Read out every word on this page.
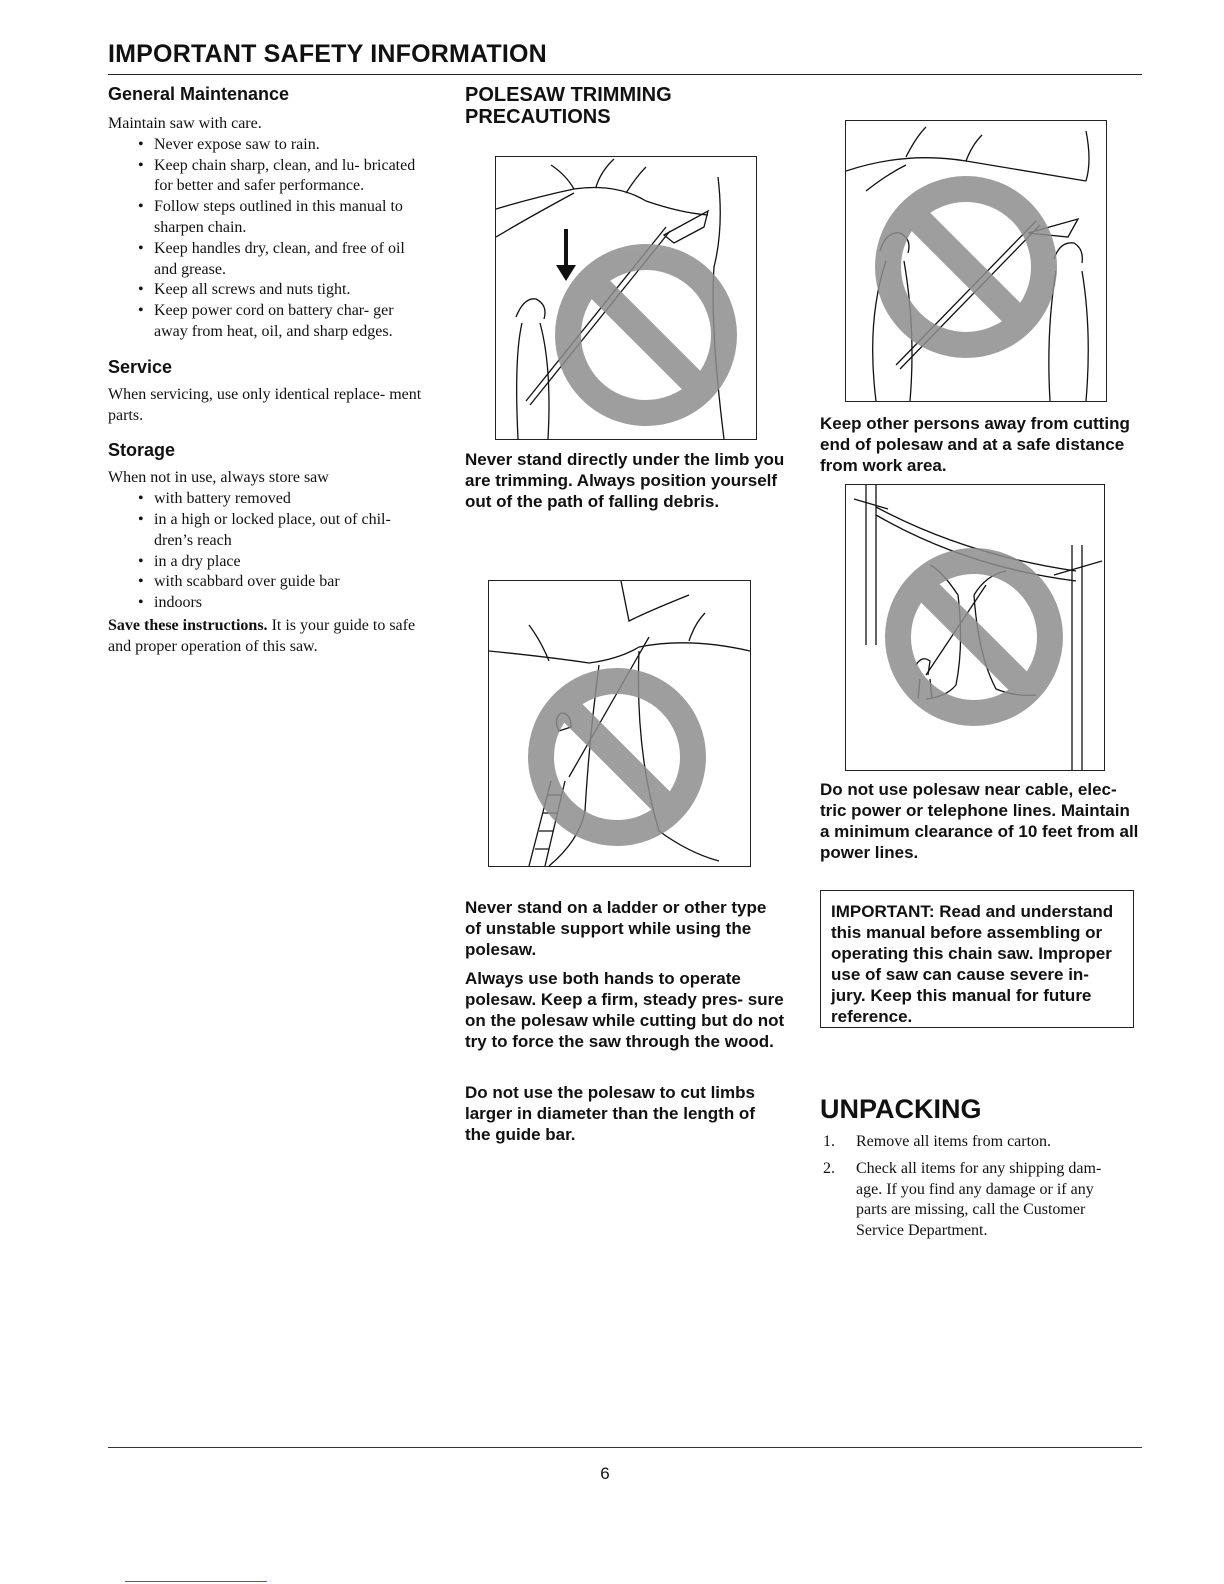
IMPORTANT SAFETY INFORMATION
General Maintenance

Maintain saw with care.

• Never expose saw to rain.
• Keep chain sharp, clean, and lu- bricated for better and safer performance.
• Follow steps outlined in this manual to sharpen chain.
• Keep handles dry, clean, and free of oil and grease.
• Keep all screws and nuts tight.
• Keep power cord on battery char- ger away from heat, oil, and sharp edges.
Service

When servicing, use only identical replace- ment parts.

Storage

When not in use, always store saw

• with battery removed
• in a high or locked place, out of chil- dren’s reach
• in a dry place
• with scabbard over guide bar
• indoors

Save these instructions. It is your guide to safe and proper operation of this saw.

POLESAW TRIMMING
PRECAUTIONS

Never stand directly under the limb you are trimming. Always position yourself out of the path of falling debris.

Never stand on a ladder or other type of unstable support while using the polesaw.

Always use both hands to operate polesaw. Keep a firm, steady pres- sure on the polesaw while cutting but do not try to force the saw through the wood.

Do not use the polesaw to cut limbs larger in diameter than the length of the guide bar.

Keep other persons away from cutting end of polesaw and at a safe distance from work area.

Do not use polesaw near cable, elec- tric power or telephone lines. Maintain a minimum clearance of 10 feet from all power lines.

IMPORTANT: Read and understand this manual before assembling or operating this chain saw. Improper use of saw can cause severe in- jury. Keep this manual for future reference.

UNPACKING
1. Remove all items from carton.
2. Check all items for any shipping dam- age. If you find any damage or if any parts are missing, call the Customer Service Department.
6
